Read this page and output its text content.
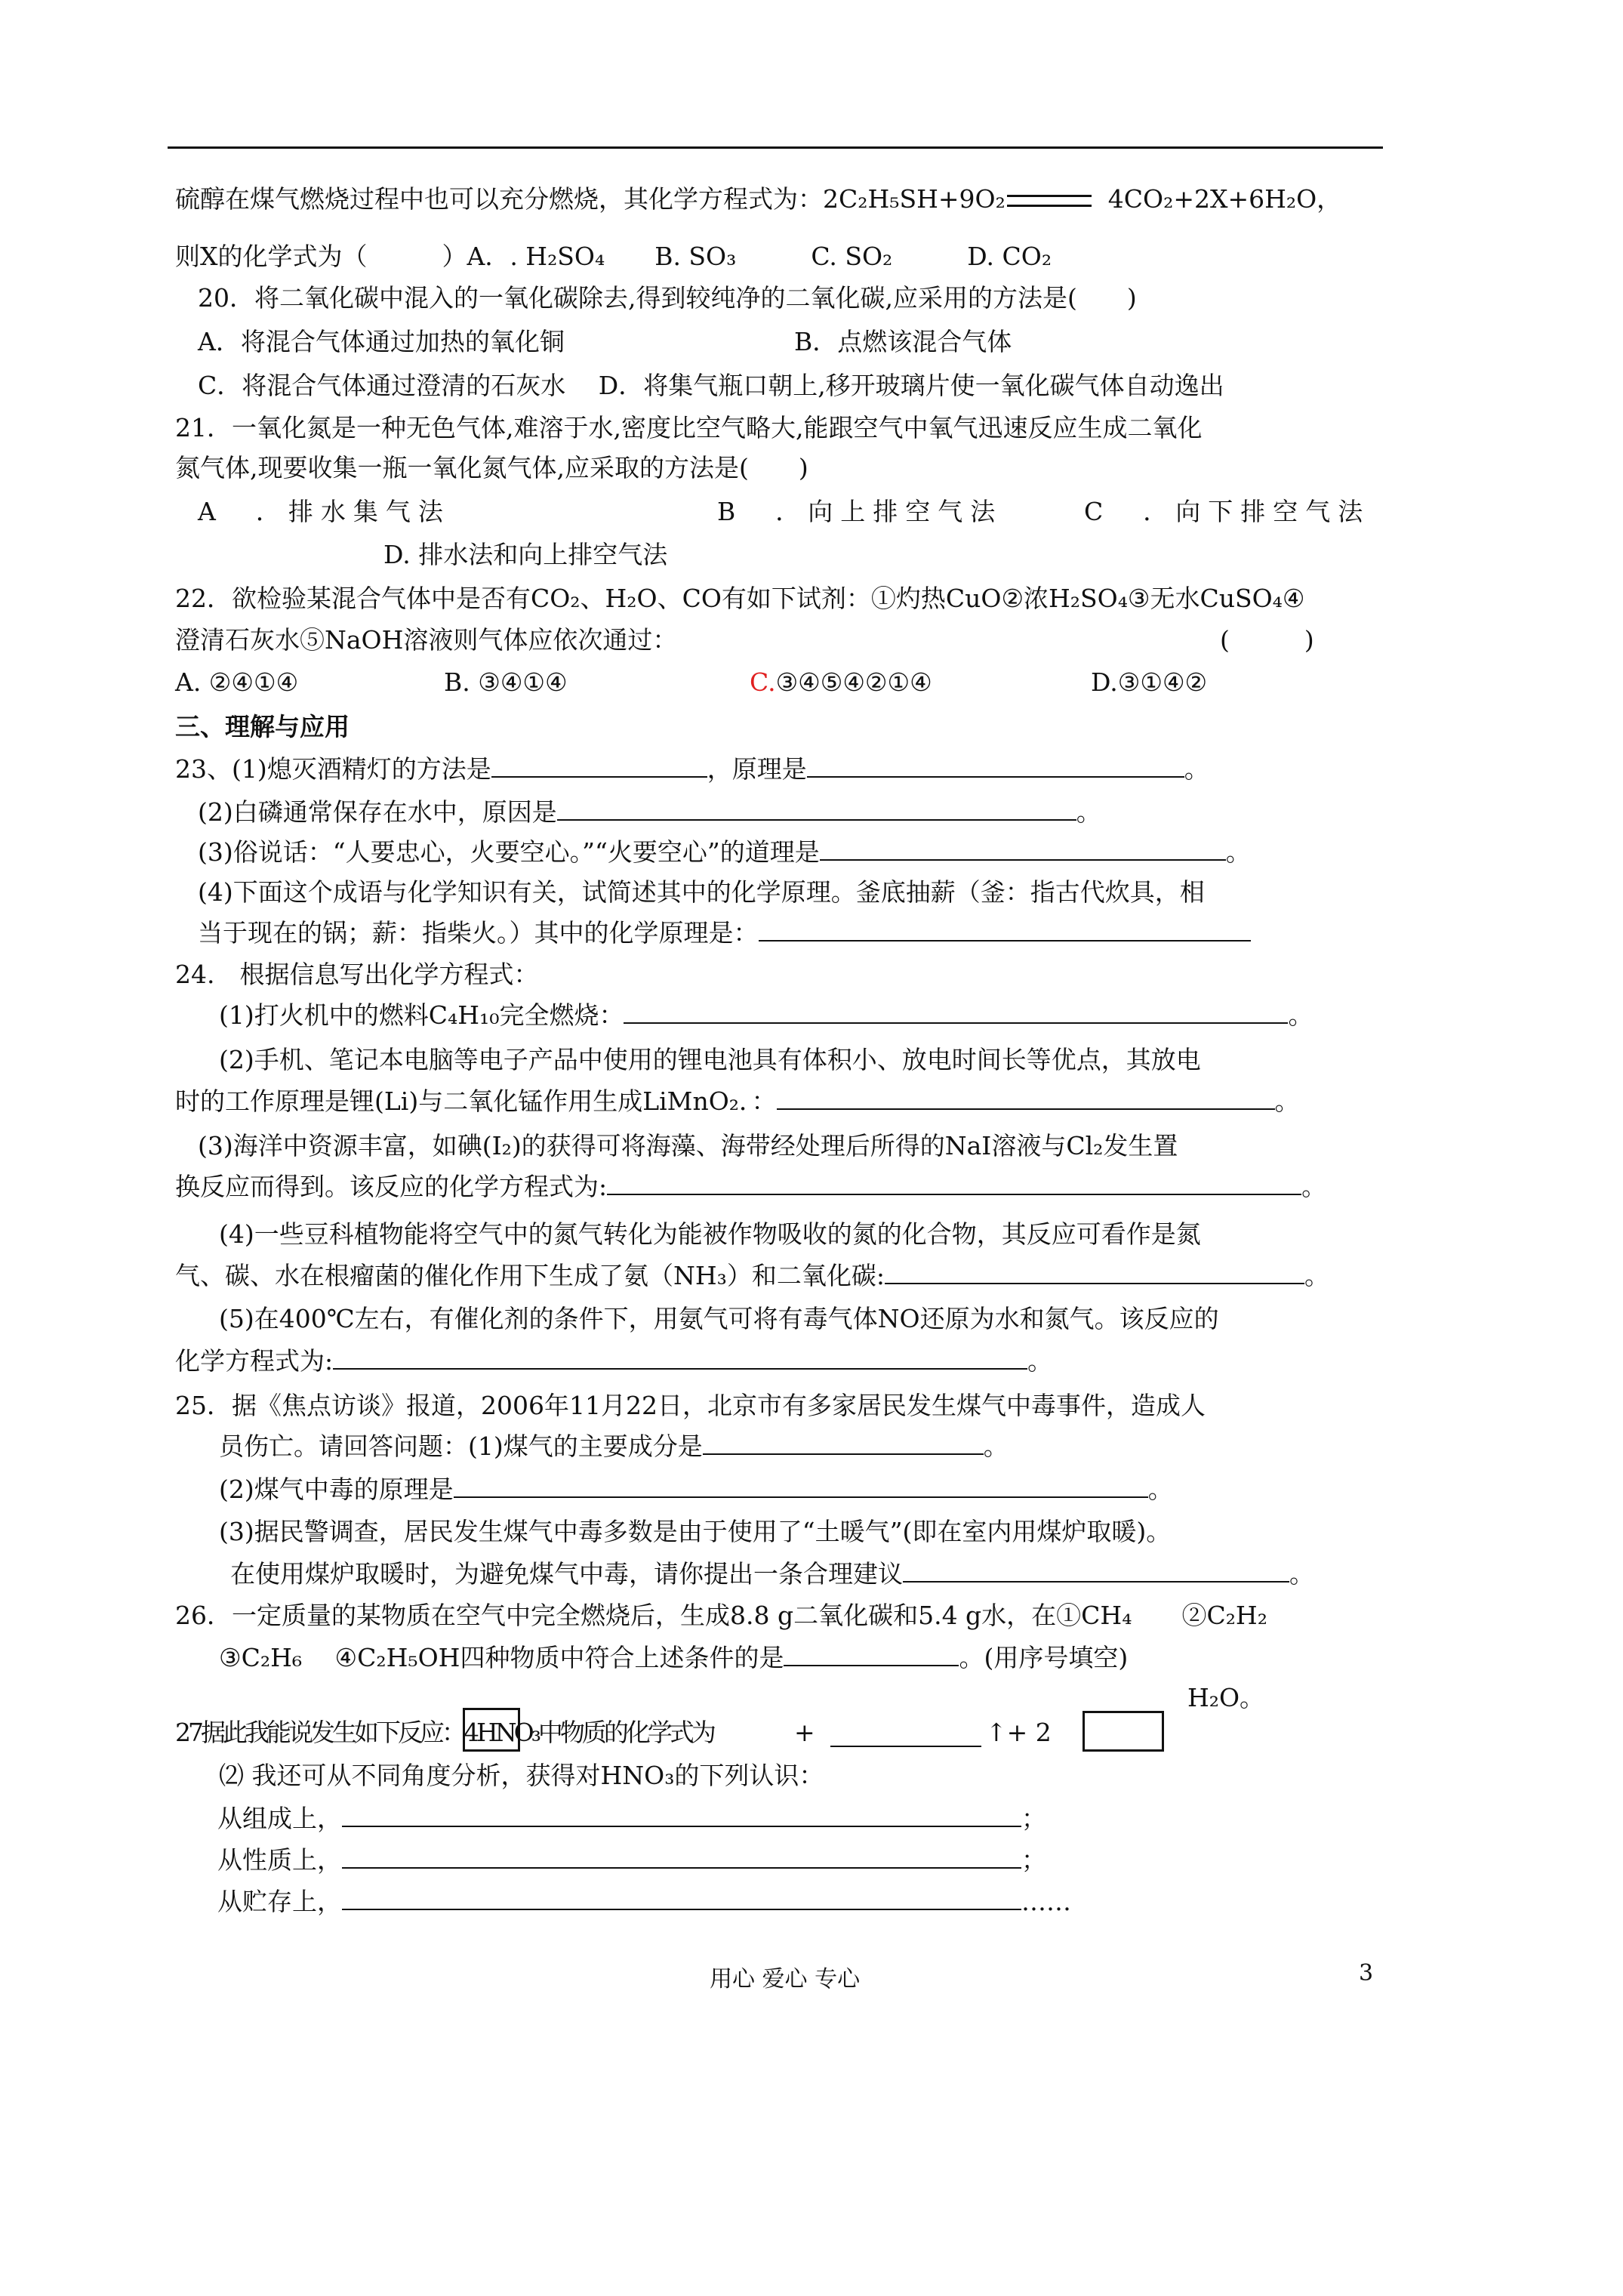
硫醇在煤气燃烧过程中也可以充分燃烧，其化学方程式为：2C₂H₅SH+9O₂	4CO₂+2X+6H₂O，
则X的化学式为（　　　）A．. H₂SO₄　　B. SO₃　　　C. SO₂　　　D. CO₂
20．将二氧化碳中混入的一氧化碳除去,得到较纯净的二氧化碳,应采用的方法是(　　)
A．将混合气体通过加热的氧化铜	B．点燃该混合气体
C．将混合气体通过澄清的石灰水　 D．将集气瓶口朝上,移开玻璃片使一氧化碳气体自动逸出
21．一氧化氮是一种无色气体,难溶于水,密度比空气略大,能跟空气中氧气迅速反应生成二氧化
氮气体,现要收集一瓶一氧化氮气体,应采取的方法是(　　)
A　．排水集气法	B　．向上排空气法	C　．向下排空气法
D. 排水法和向上排空气法
22．欲检验某混合气体中是否有CO₂、H₂O、CO有如下试剂：①灼热CuO②浓H₂SO₄③无水CuSO₄④
澄清石灰水⑤NaOH溶液则气体应依次通过：	(　　　)
A. ②④①④	B. ③④①④	C.③④⑤④②①④	D.③①④②
三、理解与应用
23、(1)熄灭酒精灯的方法是	，原理是	。
(2)白磷通常保存在水中，原因是	。
(3)俗说话：“人要忠心，火要空心。”“火要空心”的道理是	。
(4)下面这个成语与化学知识有关，试简述其中的化学原理。釜底抽薪（釜：指古代炊具，相
当于现在的锅；薪：指柴火。）其中的化学原理是：
24.　根据信息写出化学方程式：
(1)打火机中的燃料C₄H₁₀完全燃烧：	。
(2)手机、笔记本电脑等电子产品中使用的锂电池具有体积小、放电时间长等优点，其放电
时的工作原理是锂(Li)与二氧化锰作用生成LiMnO₂．：	。
(3)海洋中资源丰富，如碘(I₂)的获得可将海藻、海带经处理后所得的NaI溶液与Cl₂发生置
换反应而得到。该反应的化学方程式为:	。
(4)一些豆科植物能将空气中的氮气转化为能被作物吸收的氮的化合物，其反应可看作是氮
气、碳、水在根瘤菌的催化作用下生成了氨（NH₃）和二氧化碳:	。
(5)在400℃左右，有催化剂的条件下，用氨气可将有毒气体NO还原为水和氮气。该反应的
化学方程式为:	。
25．据《焦点访谈》报道，2006年11月22日，北京市有多家居民发生煤气中毒事件，造成人
员伤亡。请回答问题：(1)煤气的主要成分是	。
(2)煤气中毒的原理是	。
(3)据民警调查，居民发生煤气中毒多数是由于使用了“土暖气”(即在室内用煤炉取暖)。
在使用煤炉取暖时，为避免煤气中毒，请你提出一条合理建议	。
26．一定质量的某物质在空气中完全燃烧后，生成8.8 g二氧化碳和5.4 g水，在①CH₄　　②C₂H₂
③C₂H₆　 ④C₂H₅OH四种物质中符合上述条件的是	。(用序号填空)
H₂O。
27据此我能说发生如下反应：4HNO₃中物质的化学式为	+	↑+ 2
⑵ 我还可从不同角度分析，获得对HNO₃的下列认识：
从组成上，	；
从性质上，	；
从贮存上，	……
用心 爱心 专心	3
